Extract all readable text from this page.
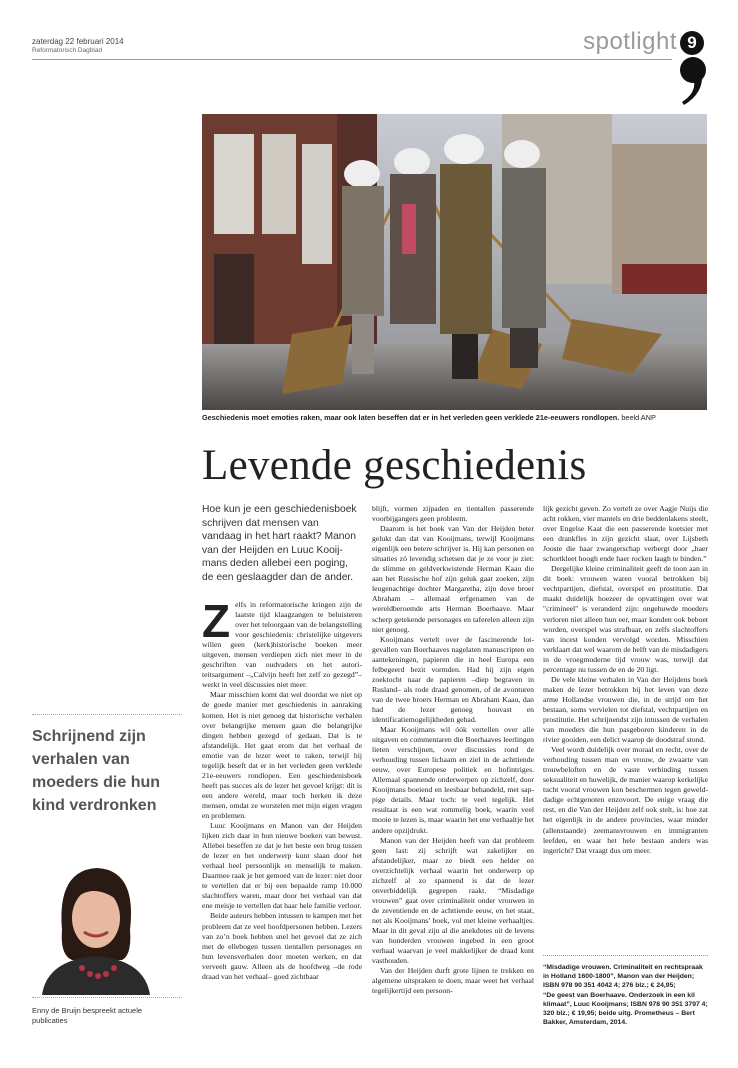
zaterdag 22 februari 2014
Reformatorisch Dagblad	spotlight 9
Geschiedenis moet emoties raken, maar ook laten beseffen dat er in het verleden geen verklede 21e-eeuwers rondlopen. beeld ANP
Levende geschiedenis
Hoe kun je een geschiedenisboek schrijven dat mensen van vandaag in het hart raakt? Manon van der Heijden en Luuc Kooijmans deden allebei een poging, de een geslaagder dan de ander.
Z elfs in reformatorische kringen zijn de laatste tijd klaagzangen te beluisteren over het teloorgaan van de belangstelling voor geschiedenis: christelijke uitgevers willen geen (kerk)historische boeken meer uitgeven, mensen verdiepen zich niet meer in de geschriften van oudvaders en het autoriteitsargument –„Calvijn heeft het zelf zo gezegd”– werkt in veel discussies niet meer.

Maar misschien komt dat wel doordat we niet op de goede manier met geschiedenis in aanraking komen. Het is niet genoeg dat historische verhalen over belangrijke mensen gaan die belangrijke dingen hebben gezegd of gedaan. Dat is te afstandelijk. Het gaat erom dat het verhaal de emotie van de lezer weet te raken, terwijl hij tegelijk beseft dat er in het verleden geen verklede 21e-eeuwers rondlopen. Een geschiedenisboek heeft pas succes als de lezer het gevoel krijgt: dit is een andere wereld, maar toch herken ik deze mensen, omdat ze worstelen met mijn eigen vragen en problemen.

Luuc Kooijmans en Manon van der Heijden lijken zich daar in hun nieuwe boeken van bewust. Allebei beseffen ze dat je het beste een brug tussen de lezer en het onderwerp kunt slaan door het verhaal heel persoonlijk en menselijk te maken. Daarmee raak je het gemoed van de lezer: niet door te vertellen dat er bij een bepaalde ramp 10.000 slachtoffers waren, maar door het verhaal van dat ene meisje te vertellen dat haar hele familie verloor.

Beide auteurs hebben intussen te kampen met het probleem dat ze veel hoofdpersonen hebben. Lezers van zo’n boek hebben snel het gevoel dat ze zich met de ellebogen tussen tientallen personages en hun levensverhalen door moeten werken, en dat verveelt gauw. Alleen als de hoofdweg –de rode draad van het verhaal– goed zichtbaar

blijft, vormen zijpaden en tientallen passerende voorbijgangers geen probleem.

Daarom is het boek van Van der Heijden beter gelukt dan dat van Kooijmans, terwijl Kooijmans eigenlijk een betere schrijver is. Hij kan personen en situaties zó levendig schetsen dat je ze voor je ziet: de slimme en geldverkwistende Herman Kaau die aan het Russische hof zijn geluk gaat zoeken, zijn leugenachtige dochter Margaretha, zijn dove broer Abraham – allemaal erfgenamen van de wereldberoemde arts Herman Boerhaave. Maar scherp getekende personages en taferelen alleen zijn niet genoeg.

Kooijmans vertelt over de fascinerende lotgevallen van Boerhaaves nagelaten manuscripten en aantekeningen, papieren die in heel Europa een felbegeerd bezit vormden. Had hij zijn eigen zoektocht naar de papieren –diep begraven in Rusland– als rode draad genomen, of de avonturen van de twee broers Herman en Abraham Kaau, dan had de lezer genoeg houvast en identificatiemogelijkheden gehad.

Maar Kooijmans wil óók vertellen over alle uitgaven en commentaren die Boerhaaves leerlingen lieten verschijnen, over discussies rond de verhouding tussen lichaam en ziel in de achttiende eeuw, over Europese politiek en hofintriges. Allemaal spannende onderwerpen op zichzelf, door Kooijmans boeiend en leesbaar behandeld, met sappige details. Maar toch: te veel tegelijk. Het resultaat is een wat rommelig boek, waarin veel mooie te lezen is, maar waarin het ene verhaaltje het andere opzijdrukt.

Manon van der Heijden heeft van dat probleem geen last: zij schrijft wat zakelijker en afstandelijker, maar ze biedt een helder en overzichtelijk verhaal waarin het onderwerp op zichzelf al zo spannend is dat de lezer onverbiddelijk gegrepen raakt. “Misdadige vrouwen” gaat over criminaliteit onder vrouwen in de zeventiende en de achttiende eeuw, en het staat, net als Kooijmans’ boek, vol met kleine verhaaltjes. Maar in dit geval zijn al die anekdotes uit de levens van honderden vrouwen ingebed in een groot verhaal waarvan je veel makkelijker de draad kunt vasthouden.

Van der Heijden durft grote lijnen te trekken en algemene uitspraken te doen, maar weet het verhaal tegelijkertijd een persoon-

lijk gezicht geven. Zo vertelt ze over Aagje Nuijs die acht rokken, vier mantels en drie beddenlakens steelt, over Engelse Kaat die een passerende koetsier met een drankfles in zijn gezicht slaat, over Lijsbeth Jooste die haar zwangerschap verbergt door „haer schortkleet hoogh ende haer rocken laagh te binden.”

Dergelijke kleine criminaliteit geeft de toon aan in dit boek: vrouwen waren vooral betrokken bij vechtpartijen, diefstal, overspel en prostitutie. Dat maakt duidelijk hoezeer de opvattingen over wat "crimineel" is veranderd zijn: ongehuwde moeders verloren niet alleen hun eer, maar konden ook beboet worden, overspel was strafbaar, en zelfs slachtoffers van incest konden vervolgd worden. Misschien verklaart dat wel waarom de helft van de misdadigers in de vroegmoderne tijd vrouw was, terwijl dat percentage nu tussen de en de 20 ligt.

De vele kleine verhalen in Van der Heijdens boek maken de lezer betrokken bij het leven van deze arme Hollandse vrouwen die, in de strijd om het bestaan, soms vervielen tot diefstal, vechtpartijen en prostitutie. Het schrijnendst zijn intussen de verhalen van moeders die hun pasgeboren kinderen in de rivier gooiden, een delict waarop de doodstraf stond.

Veel wordt duidelijk over moraal en recht, over de verhouding tussen man en vrouw, de zwaarte van trouwbeloften en de vaste verbinding tussen seksualiteit en huwelijk, de manier waarop kerkelijke tucht vooral vrouwen kon beschermen tegen gewelddadige echtgenoten enzovoort. De enige vraag die rest, en die Van der Heijden zelf ook stelt, is: hoe zat het eigenlijk in de andere provincies, waar minder (allenstaande) zeemansvrouwen en immigranten leefden, en waar het hele bestaan anders was ingericht? Dat vraagt dus om meer.

“Misdadige vrouwen. Criminaliteit en rechtspraak in Holland 1600-1800”, Manon van der Heijden; ISBN 978 90 351 4042 4; 276 blz.; € 24,95;

“De geest van Boerhaave. Onderzoek in een kil klimaat”, Luuc Kooijmans; ISBN 978 90 351 3797 4; 320 blz.; € 19,95; beide uitg. Prometheus – Bert Bakker, Amsterdam, 2014.

Schrijnend zijn verhalen van moeders die hun kind verdronken
Enny de Bruijn bespreekt actuele publicaties
